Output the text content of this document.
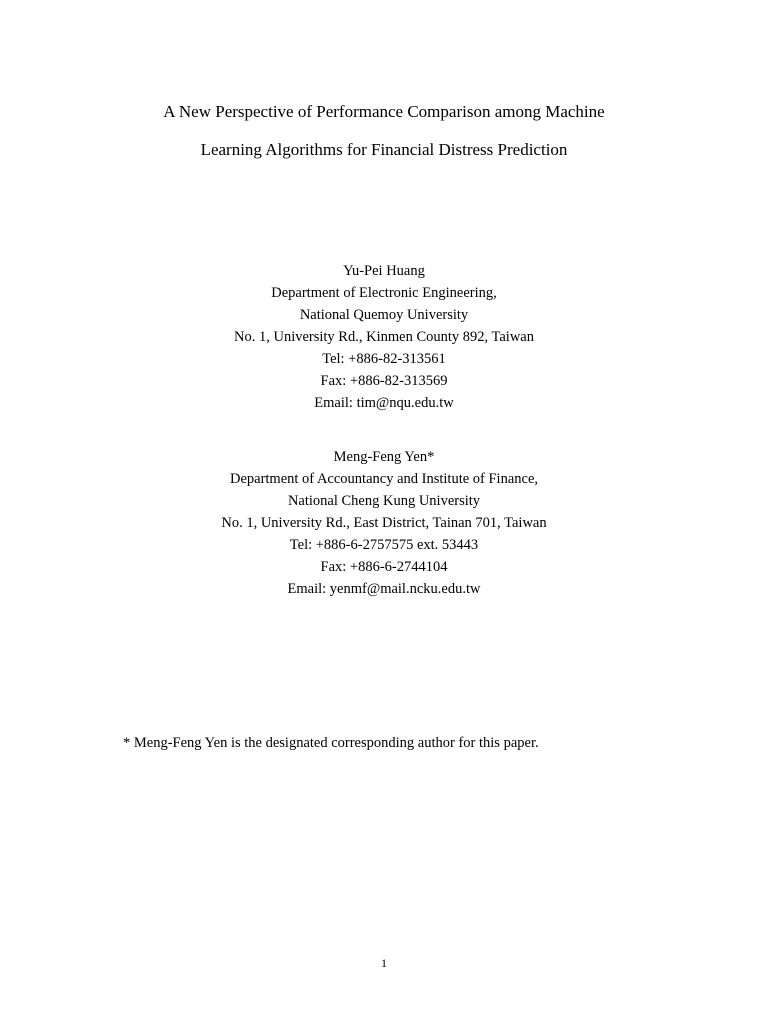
A New Perspective of Performance Comparison among Machine
Learning Algorithms for Financial Distress Prediction
Yu-Pei Huang
Department of Electronic Engineering,
National Quemoy University
No. 1, University Rd., Kinmen County 892, Taiwan
Tel: +886-82-313561
Fax: +886-82-313569
Email: tim@nqu.edu.tw
Meng-Feng Yen*
Department of Accountancy and Institute of Finance,
National Cheng Kung University
No. 1, University Rd., East District, Tainan 701, Taiwan
Tel: +886-6-2757575 ext. 53443
Fax: +886-6-2744104
Email: yenmf@mail.ncku.edu.tw
* Meng-Feng Yen is the designated corresponding author for this paper.
1
